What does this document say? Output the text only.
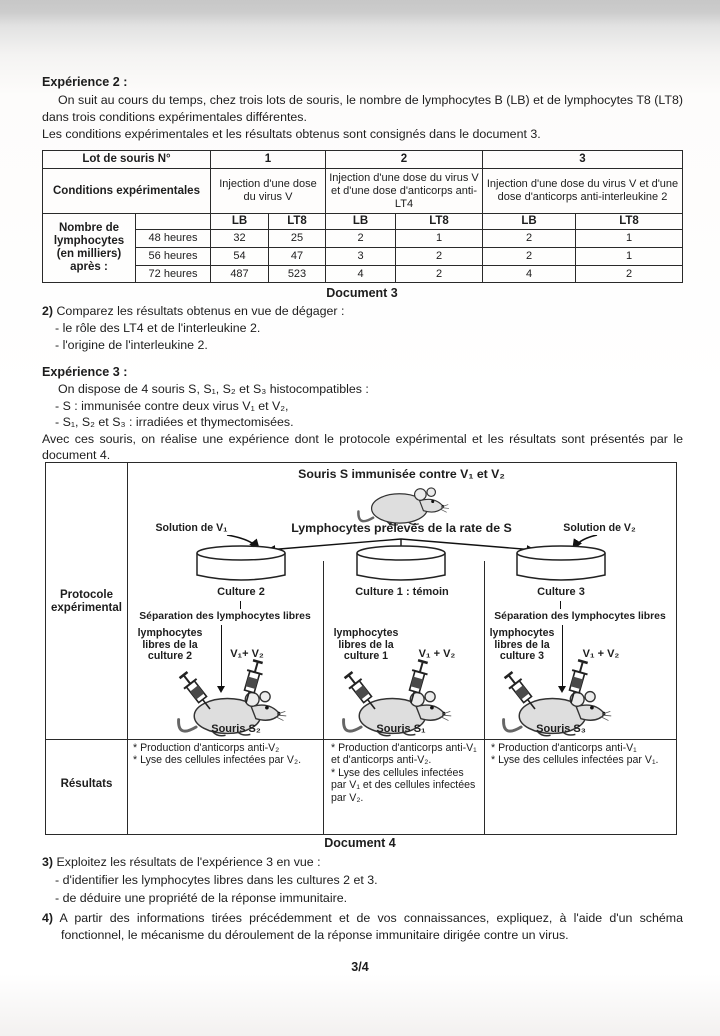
Expérience 2 :

On suit au cours du temps, chez trois lots de souris, le nombre de lymphocytes B (LB) et de lymphocytes T8 (LT8) dans trois conditions expérimentales différentes.

Les conditions expérimentales et les résultats obtenus sont consignés dans le document 3.

Lot de souris N°		1		2		3	
Conditions expérimentales		Injection d'une dose du virus V		Injection d'une dose du virus V et d'une dose d'anticorps anti-LT4		Injection d'une dose du virus V et d'une dose d'anticorps anti-interleukine 2	
Nombre de lymphocytes (en milliers) après :		LB	LT8	LB	LT8	LB	LT8
	48 heures	32	25	2	1	2	1
	56 heures	54	47	3	2	2	1
	72 heures	487	523	4	2	4	2
Document 3
2) Comparez les résultats obtenus en vue de dégager :
- le rôle des LT4 et de l'interleukine 2.
- l'origine de l'interleukine 2.
Expérience 3 :
On dispose de 4 souris S, S₁, S₂ et S₃ histocompatibles :
- S : immunisée contre deux virus V₁ et V₂,
- S₁, S₂ et S₃ : irradiées et thymectomisées.

Avec ces souris, on réalise une expérience dont le protocole expérimental et les résultats sont présentés par le document 4.

Protocole expérimental
Résultats
Souris S immunisée contre V₁ et V₂
Solution de V₁	Lymphocytes prélevés de la rate de S	Solution de V₂
Culture 2	Culture 1 : témoin	Culture 3
Séparation des lymphocytes libres	Séparation des lymphocytes libres
lymphocytes libres de la culture 2
lymphocytes libres de la culture 1
lymphocytes libres de la culture 3
V₁+ V₂	V₁ + V₂	V₁ + V₂
Souris S₂	Souris S₁	Souris S₃
* Production d'anticorps anti-V₂
* Lyse des cellules infectées par V₂.
* Production d'anticorps anti-V₁ et d'anticorps anti-V₂.
* Lyse des cellules infectées par V₁ et des cellules infectées par V₂.
* Production d'anticorps anti-V₁
* Lyse des cellules infectées par V₁.
Document 4
3) Exploitez les résultats de l'expérience 3 en vue :
- d'identifier les lymphocytes libres dans les cultures 2 et 3.
- de déduire une propriété de la réponse immunitaire.
4) A partir des informations tirées précédemment et de vos connaissances, expliquez, à l'aide d'un schéma fonctionnel, le mécanisme du déroulement de la réponse immunitaire dirigée contre un virus.
3/4
